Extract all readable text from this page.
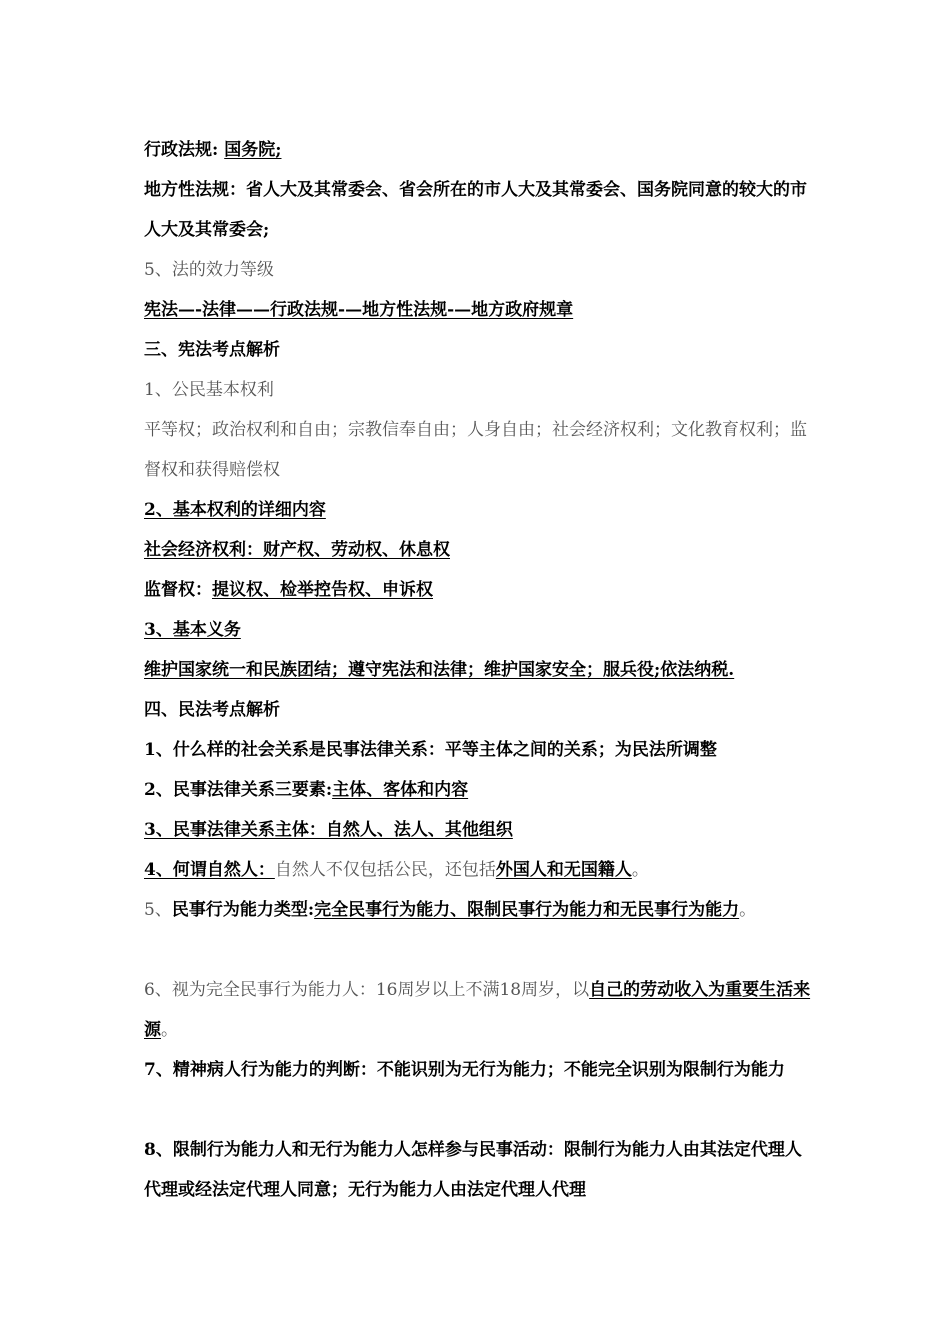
行政法规: 国务院;

地方性法规：省人大及其常委会、省会所在的市人大及其常委会、国务院同意的较大的市人大及其常委会;

5、法的效力等级

宪法—-法律——行政法规-—地方性法规-—地方政府规章

三、宪法考点解析

1、公民基本权利

平等权；政治权利和自由；宗教信奉自由；人身自由；社会经济权利；文化教育权利；监督权和获得赔偿权

2、基本权利的详细内容

社会经济权利：财产权、劳动权、休息权

监督权：提议权、检举控告权、申诉权

3、基本义务

维护国家统一和民族团结；遵守宪法和法律；维护国家安全；服兵役;依法纳税.

四、民法考点解析

1、什么样的社会关系是民事法律关系：平等主体之间的关系；为民法所调整

2、民事法律关系三要素:主体、客体和内容

3、民事法律关系主体：自然人、法人、其他组织

4、何谓自然人：自然人不仅包括公民，还包括外国人和无国籍人。

5、民事行为能力类型:完全民事行为能力、限制民事行为能力和无民事行为能力。

6、视为完全民事行为能力人：16周岁以上不满18周岁，以自己的劳动收入为重要生活来源。

7、精神病人行为能力的判断：不能识别为无行为能力；不能完全识别为限制行为能力

8、限制行为能力人和无行为能力人怎样参与民事活动：限制行为能力人由其法定代理人代理或经法定代理人同意；无行为能力人由法定代理人代理
